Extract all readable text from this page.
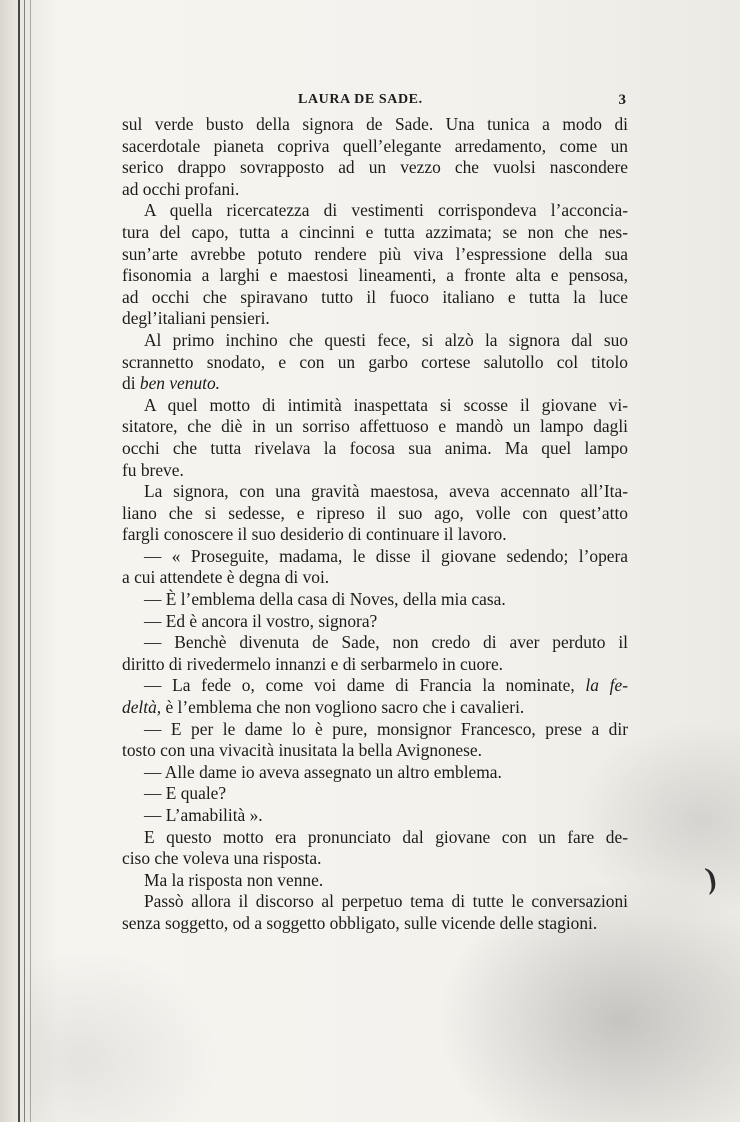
LAURA DE SADE.	3
sul verde busto della signora de Sade. Una tunica a modo di
sacerdotale pianeta copriva quell’elegante arredamento, come un
serico drappo sovrapposto ad un vezzo che vuolsi nascondere
ad occhi profani.
A quella ricercatezza di vestimenti corrispondeva l’acconcia-
tura del capo, tutta a cincinni e tutta azzimata; se non che nes-
sun’arte avrebbe potuto rendere più viva l’espressione della sua
fisonomia a larghi e maestosi lineamenti, a fronte alta e pensosa,
ad occhi che spiravano tutto il fuoco italiano e tutta la luce
degl’italiani pensieri.
Al primo inchino che questi fece, si alzò la signora dal suo
scrannetto snodato, e con un garbo cortese salutollo col titolo
di ben venuto.
A quel motto di intimità inaspettata si scosse il giovane vi-
sitatore, che diè in un sorriso affettuoso e mandò un lampo dagli
occhi che tutta rivelava la focosa sua anima. Ma quel lampo
fu breve.
La signora, con una gravità maestosa, aveva accennato all’Ita-
liano che si sedesse, e ripreso il suo ago, volle con quest’atto
fargli conoscere il suo desiderio di continuare il lavoro.
— « Proseguite, madama, le disse il giovane sedendo; l’opera
a cui attendete è degna di voi.
— È l’emblema della casa di Noves, della mia casa.
— Ed è ancora il vostro, signora?
— Benchè divenuta de Sade, non credo di aver perduto il
diritto di rivedermelo innanzi e di serbarmelo in cuore.
— La fede o, come voi dame di Francia la nominate, la fe-
deltà, è l’emblema che non vogliono sacro che i cavalieri.
— E per le dame lo è pure, monsignor Francesco, prese a dir
tosto con una vivacità inusitata la bella Avignonese.
— Alle dame io aveva assegnato un altro emblema.
— E quale?
— L’amabilità ».
E questo motto era pronunciato dal giovane con un fare de-
ciso che voleva una risposta.
Ma la risposta non venne.
Passò allora il discorso al perpetuo tema di tutte le conversazioni
senza soggetto, od a soggetto obbligato, sulle vicende delle stagioni.
)
